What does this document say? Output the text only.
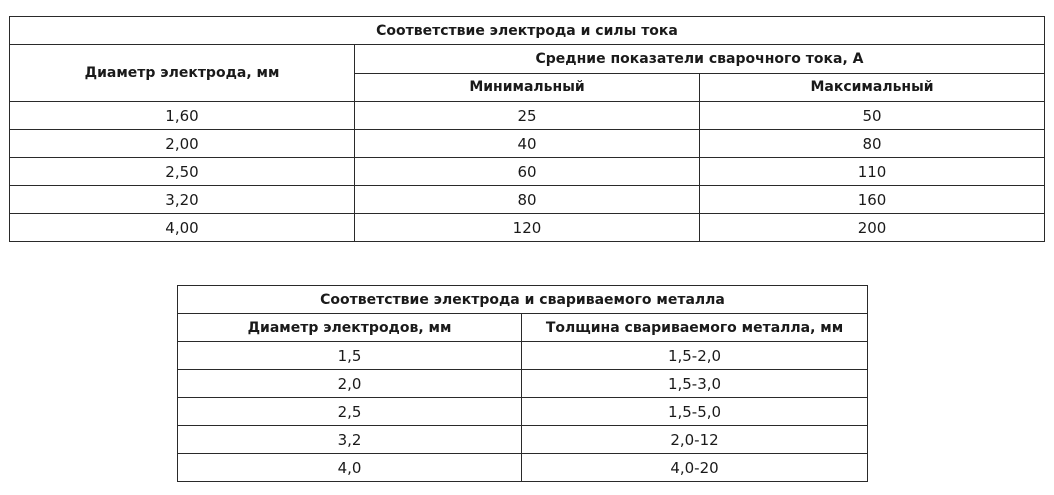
Соответствие электрода и силы тока		
Диаметр электрода, мм	Средние показатели сварочного тока, А	
	Минимальный	Максимальный
1,60	25	50
2,00	40	80
2,50	60	110
3,20	80	160
4,00	120	200
Соответствие электрода и свариваемого металла	
Диаметр электродов, мм	Толщина свариваемого металла, мм
1,5	1,5-2,0
2,0	1,5-3,0
2,5	1,5-5,0
3,2	2,0-12
4,0	4,0-20
